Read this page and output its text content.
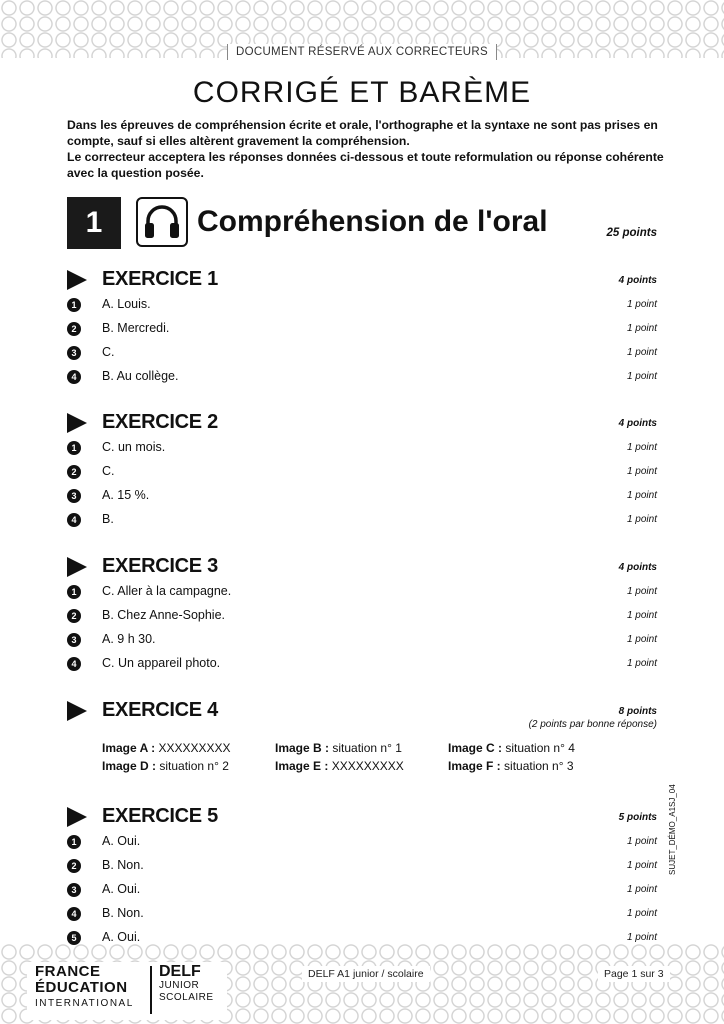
DOCUMENT RÉSERVÉ AUX CORRECTEURS
CORRIGÉ ET BARÈME

Dans les épreuves de compréhension écrite et orale, l'orthographe et la syntaxe ne sont pas prises en compte, sauf si elles altèrent gravement la compréhension.

Le correcteur acceptera les réponses données ci-dessous et toute reformulation ou réponse cohérente avec la question posée.

1	Compréhension de l'oral	25 points
EXERCICE 1	4 points
1	A. Louis.	1 point
2	B. Mercredi.	1 point
3	C.	1 point
4	B. Au collège.	1 point
EXERCICE 2	4 points
1	C. un mois.	1 point
2	C.	1 point
3	A. 15 %.	1 point
4	B.	1 point
EXERCICE 3	4 points
1	C. Aller à la campagne.	1 point
2	B. Chez Anne-Sophie.	1 point
3	A. 9 h 30.	1 point
4	C. Un appareil photo.	1 point
EXERCICE 4	8 points
(2 points par bonne réponse)
Image A : XXXXXXXXX	Image B : situation n° 1	Image C : situation n° 4
Image D : situation n° 2	Image E : XXXXXXXXX	Image F : situation n° 3
EXERCICE 5	5 points
1	A. Oui.	1 point
2	B. Non.	1 point
3	A. Oui.	1 point
4	B. Non.	1 point
5	A. Oui.	1 point
SUJET_DÉMO_A1SJ_04
FRANCE
ÉDUCATION
INTERNATIONAL
DELF
JUNIOR
SCOLAIRE
DELF A1 junior / scolaire	Page 1 sur 3
